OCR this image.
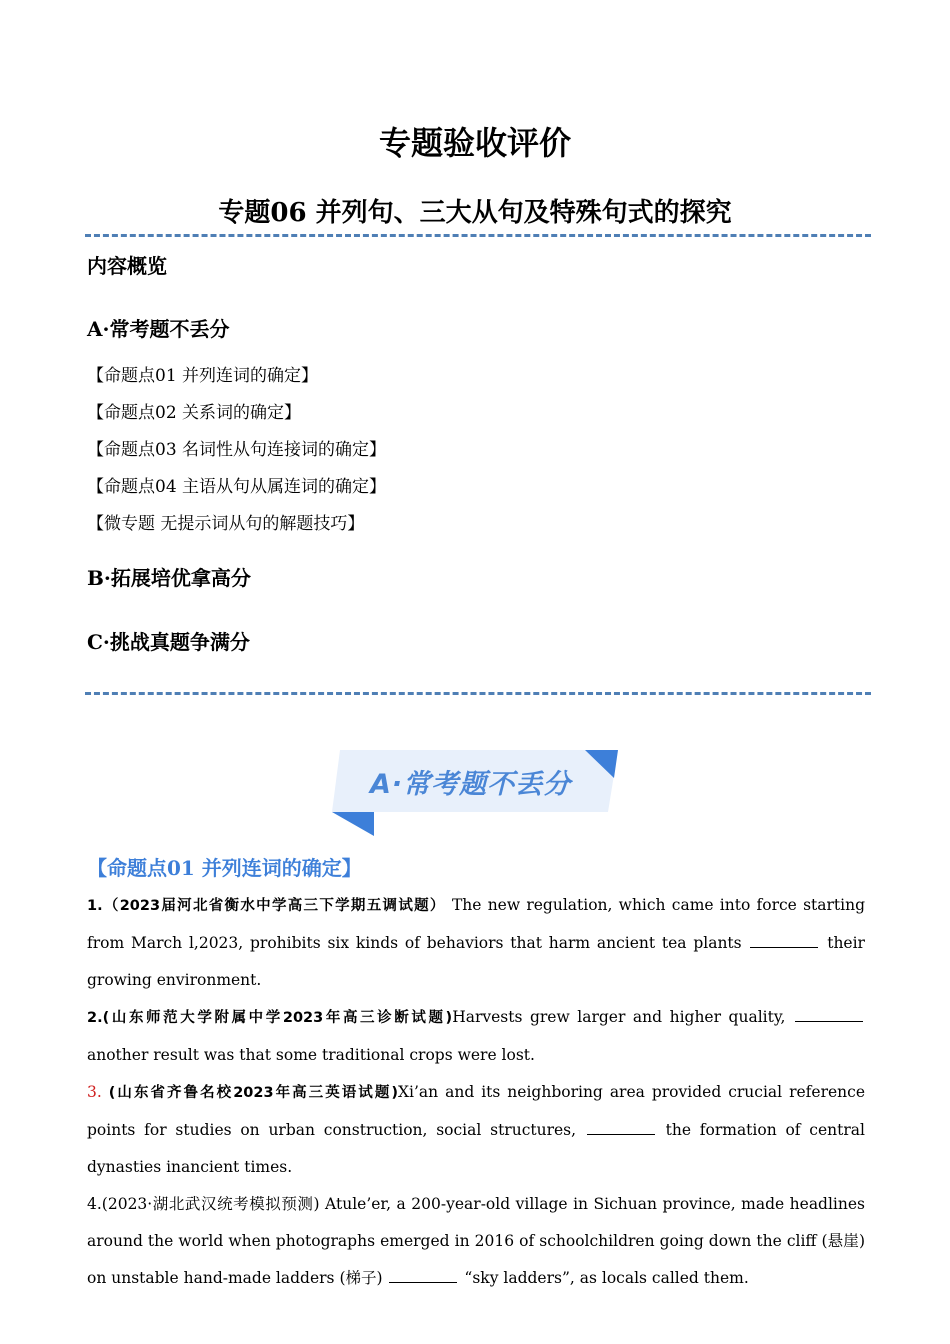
专题验收评价
专题06 并列句、三大从句及特殊句式的探究
内容概览
A·常考题不丢分
【命题点01 并列连词的确定】
【命题点02 关系词的确定】
【命题点03 名词性从句连接词的确定】
【命题点04 主语从句从属连词的确定】
【微专题 无提示词从句的解题技巧】
B·拓展培优拿高分
C·挑战真题争满分
A·常考题不丢分
【命题点01 并列连词的确定】

1.（2023届河北省衡水中学高三下学期五调试题） The new regulation, which came into force starting from March l,2023, prohibits six kinds of behaviors that harm ancient tea plants	their growing environment.

2.(山东师范大学附属中学2023年高三诊断试题)Harvests grew larger and higher quality,  another result was that some traditional crops were lost.

3. (山东省齐鲁名校2023年高三英语试题)Xi’an and its neighboring area provided crucial reference points for studies on urban construction, social structures,	the formation of central dynasties inancient times.

4.(2023·湖北武汉统考模拟预测) Atule’er, a 200-year-old village in Sichuan province, made headlines around the world when photographs emerged in 2016 of schoolchildren going down the cliff (悬崖) on unstable hand-made ladders (梯子)	“sky ladders”, as locals called them.
